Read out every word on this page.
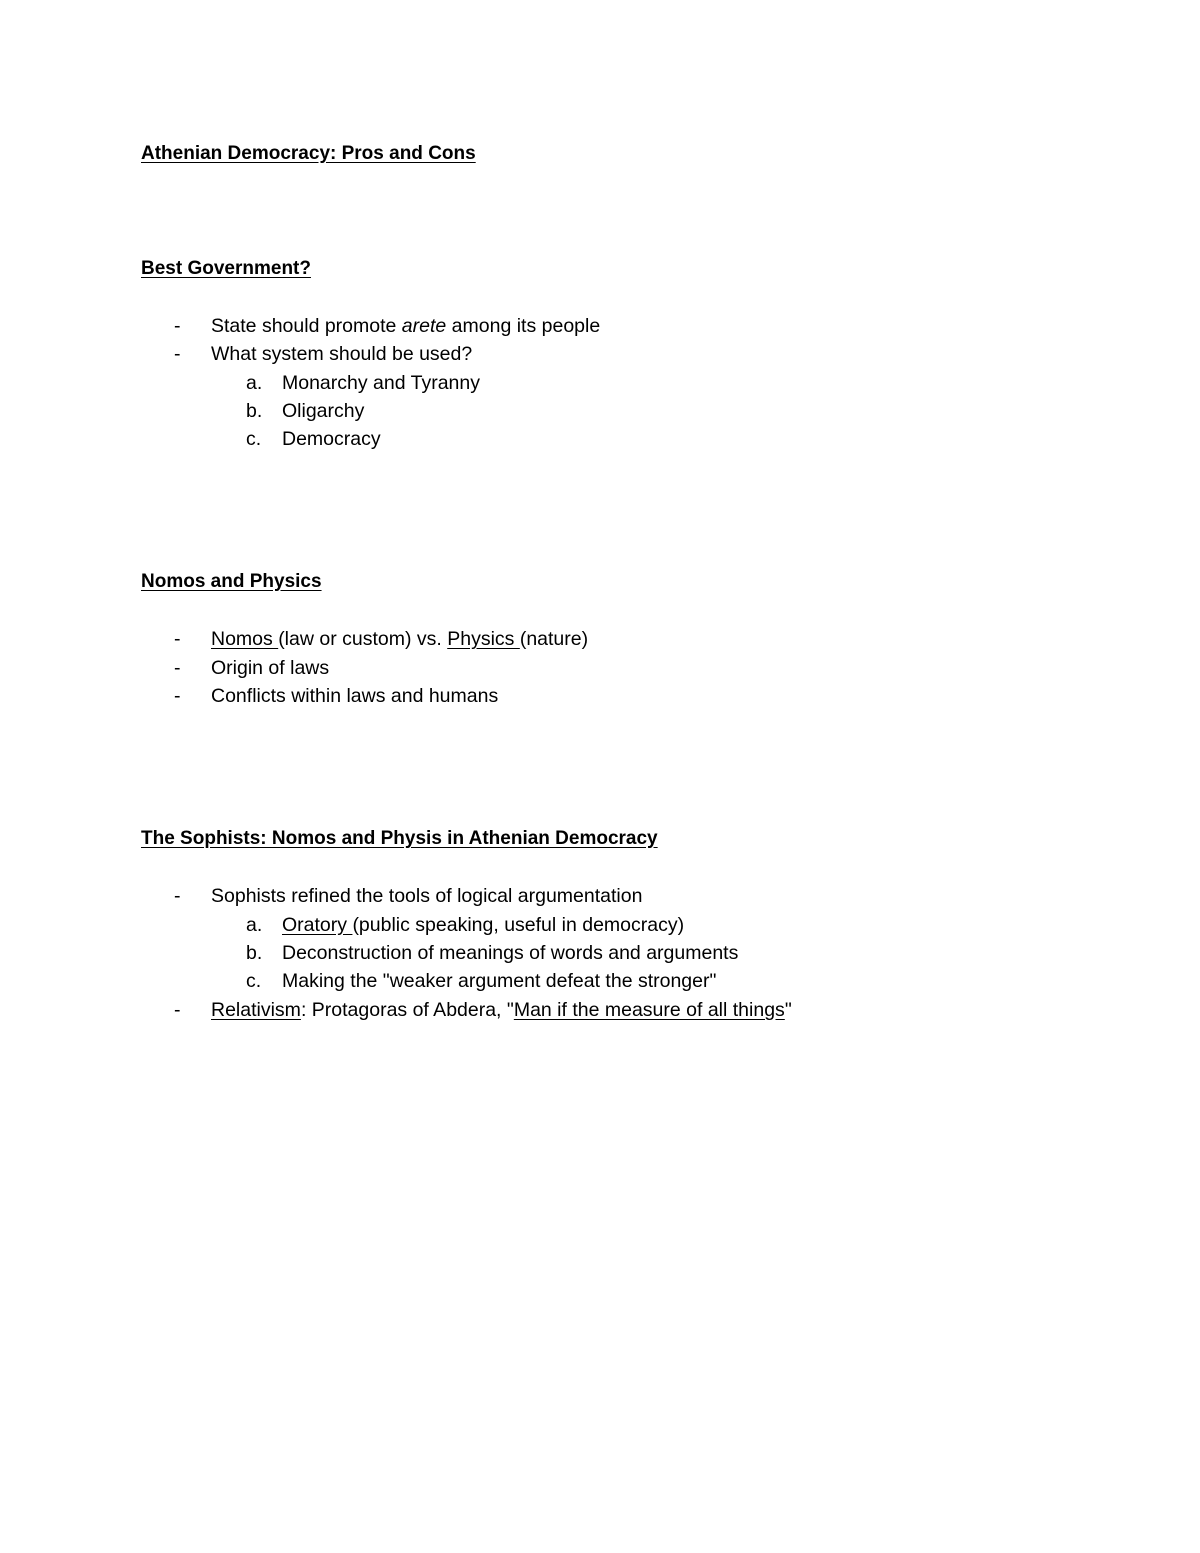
Athenian Democracy: Pros and Cons
Best Government?
-	State should promote arete among its people
-	What system should be used?
a.	Monarchy and Tyranny
b.	Oligarchy
c.	Democracy
Nomos and Physics
-	Nomos (law or custom) vs. Physics (nature)
-	Origin of laws
-	Conflicts within laws and humans
The Sophists: Nomos and Physis in Athenian Democracy
-	Sophists refined the tools of logical argumentation
a.	Oratory (public speaking, useful in democracy)
b.	Deconstruction of meanings of words and arguments
c.	Making the "weaker argument defeat the stronger"
-	Relativism: Protagoras of Abdera, "Man if the measure of all things"
